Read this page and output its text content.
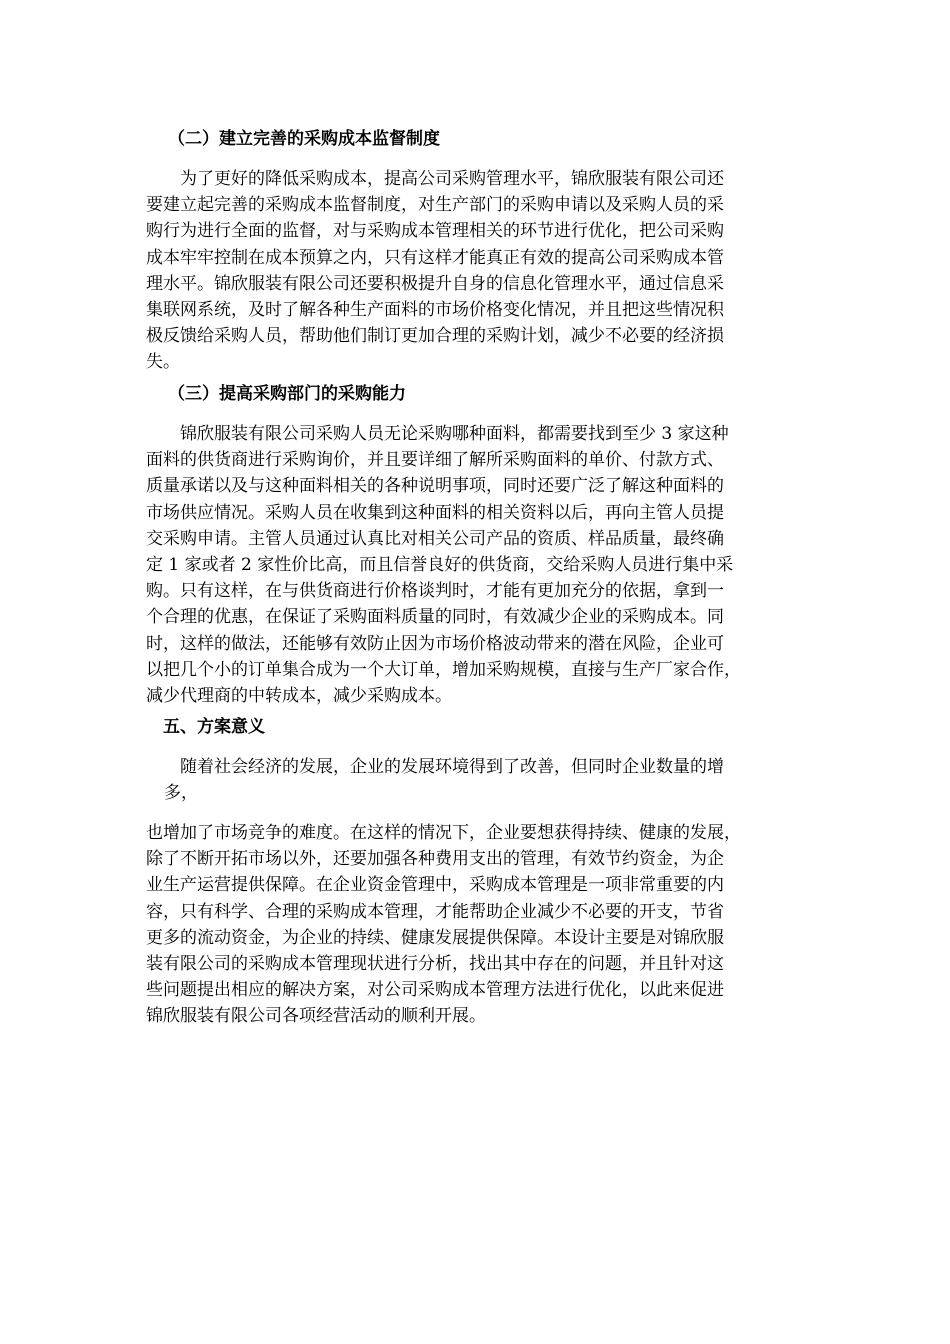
（二）建立完善的采购成本监督制度
为了更好的降低采购成本，提高公司采购管理水平，锦欣服装有限公司还
要建立起完善的采购成本监督制度，对生产部门的采购申请以及采购人员的采
购行为进行全面的监督，对与采购成本管理相关的环节进行优化，把公司采购
成本牢牢控制在成本预算之内，只有这样才能真正有效的提高公司采购成本管
理水平。锦欣服装有限公司还要积极提升自身的信息化管理水平，通过信息采
集联网系统，及时了解各种生产面料的市场价格变化情况，并且把这些情况积
极反馈给采购人员，帮助他们制订更加合理的采购计划，减少不必要的经济损
失。
（三）提高采购部门的采购能力
锦欣服装有限公司采购人员无论采购哪种面料，都需要找到至少 3 家这种
面料的供货商进行采购询价，并且要详细了解所采购面料的单价、付款方式、
质量承诺以及与这种面料相关的各种说明事项，同时还要广泛了解这种面料的
市场供应情况。采购人员在收集到这种面料的相关资料以后，再向主管人员提
交采购申请。主管人员通过认真比对相关公司产品的资质、样品质量，最终确
定 1 家或者 2 家性价比高，而且信誉良好的供货商，交给采购人员进行集中采
购。只有这样，在与供货商进行价格谈判时，才能有更加充分的依据，拿到一
个合理的优惠，在保证了采购面料质量的同时，有效减少企业的采购成本。同
时，这样的做法，还能够有效防止因为市场价格波动带来的潜在风险，企业可
以把几个小的订单集合成为一个大订单，增加采购规模，直接与生产厂家合作，
减少代理商的中转成本，减少采购成本。
五、方案意义
随着社会经济的发展，企业的发展环境得到了改善，但同时企业数量的增
多，
也增加了市场竞争的难度。在这样的情况下，企业要想获得持续、健康的发展，
除了不断开拓市场以外，还要加强各种费用支出的管理，有效节约资金，为企
业生产运营提供保障。在企业资金管理中，采购成本管理是一项非常重要的内
容，只有科学、合理的采购成本管理，才能帮助企业减少不必要的开支，节省
更多的流动资金，为企业的持续、健康发展提供保障。本设计主要是对锦欣服
装有限公司的采购成本管理现状进行分析，找出其中存在的问题，并且针对这
些问题提出相应的解决方案，对公司采购成本管理方法进行优化，以此来促进
锦欣服装有限公司各项经营活动的顺利开展。
